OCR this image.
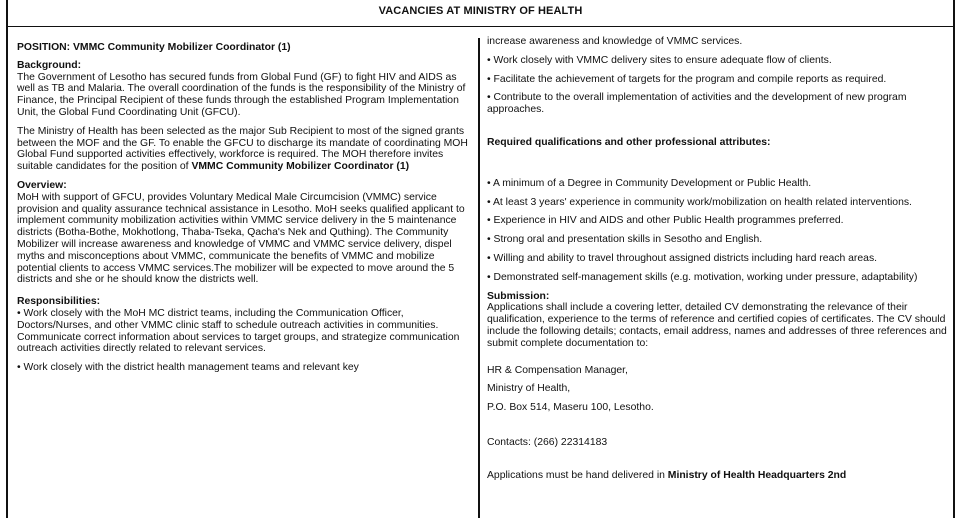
VACANCIES AT MINISTRY OF HEALTH

POSITION: VMMC Community Mobilizer Coordinator (1)

Background:

The Government of Lesotho has secured funds from Global Fund (GF) to fight HIV and AIDS as well as TB and Malaria. The overall coordination of the funds is the responsibility of the Ministry of Finance, the Principal Recipient of these funds through the established Program Implementation Unit, the Global Fund Coordinating Unit (GFCU).

The Ministry of Health has been selected as the major Sub Recipient to most of the signed grants between the MOF and the GF. To enable the GFCU to discharge its mandate of coordinating MOH Global Fund supported activities effectively, workforce is required. The MOH therefore invites suitable candidates for the position of VMMC Community Mobilizer Coordinator (1)

Overview:

MoH with support of GFCU, provides Voluntary Medical Male Circumcision (VMMC) service provision and quality assurance technical assistance in Lesotho. MoH seeks qualified applicant to implement community mobilization activities within VMMC service delivery in the 5 maintenance districts (Botha-Bothe, Mokhotlong, Thaba-Tseka, Qacha's Nek and Quthing). The Community Mobilizer will increase awareness and knowledge of VMMC and VMMC service delivery, dispel myths and misconceptions about VMMC, communicate the benefits of VMMC and mobilize potential clients to access VMMC services.The mobilizer will be expected to move around the 5 districts and she or he should know the districts well.

Responsibilities:

• Work closely with the MoH MC district teams, including the Communication Officer, Doctors/Nurses, and other VMMC clinic staff to schedule outreach activities in communities. Communicate correct information about services to target groups, and strategize communication outreach activities directly related to relevant services.

• Work closely with the district health management teams and relevant key

increase awareness and knowledge of VMMC services.

• Work closely with VMMC delivery sites to ensure adequate flow of clients.

• Facilitate the achievement of targets for the program and compile reports as required.

• Contribute to the overall implementation of activities and the development of new program approaches.

Required qualifications and other professional attributes:

• A minimum of a Degree in Community Development or Public Health.

• At least 3 years' experience in community work/mobilization on health related interventions.

• Experience in HIV and AIDS and other Public Health programmes preferred.

• Strong oral and presentation skills in Sesotho and English.

• Willing and ability to travel throughout assigned districts including hard reach areas.

• Demonstrated self-management skills (e.g. motivation, working under pressure, adaptability)

Submission:

Applications shall include a covering letter, detailed CV demonstrating the relevance of their qualification, experience to the terms of reference and certified copies of certificates. The CV should include the following details; contacts, email address, names and addresses of three references and submit complete documentation to:

HR & Compensation Manager,

Ministry of Health,

P.O. Box 514, Maseru 100, Lesotho.

Contacts: (266) 22314183

Applications must be hand delivered in Ministry of Health Headquarters 2nd
